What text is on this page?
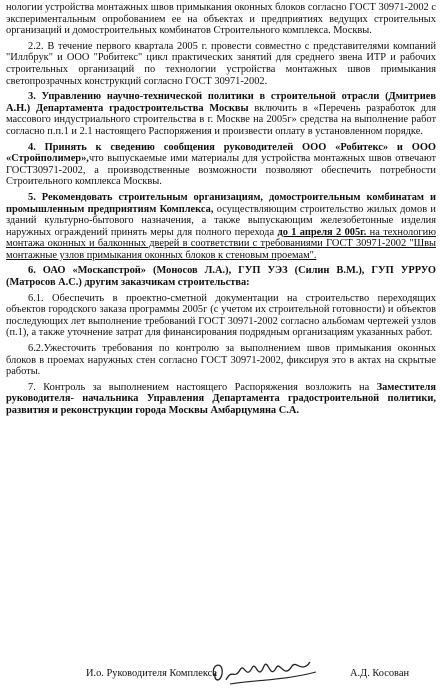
нологии устройства монтажных швов примыкания оконных блоков согласно ГОСТ 30971-2002 с экспериментальным опробованием ее на объектах и предприятиях ведущих строительных организаций и домостроительных комбинатов Строительного комплекса. Москвы.

2.2. В течение первого квартала 2005 г. провести совместно с представителями компаний "Иллбрук" и ООО "Робитекс" цикл практических занятий для среднего звена ИТР и рабочих строительных организаций по технологии устройства монтажных швов примыкания светопрозрачных конструкций согласно ГОСТ 30971-2002.

3. Управлению научно-технической политики в строительной отрасли (Дмитриев А.Н.) Департамента градостроительства Москвы включить в «Перечень разработок для массового индустриального строительства в г. Москве на 2005г» средства на выполнение работ согласно п.п.1 и 2.1 настоящего Распоряжения и произвести оплату в установленном порядке.

4. Принять к сведению сообщения руководителей ООО «Робитекс» и ООО «Стройполимер»,что выпускаемые ими материалы для устройства монтажных швов отвечают ГОСТ30971-2002, а производственные возможности позволяют обеспечить потребности Строительного комплекса Москвы.

5. Рекомендовать строительным организациям, домостроительным комбинатам и промышленным предприятиям Комплекса, осуществляющим строительство жилых домов и зданий культурно-бытового назначения, а также выпускающим железобетонные изделия наружных ограждений принять меры для полного перехода до 1 апреля 2 005г. на технологию монтажа оконных и балконных дверей в соответствии с требованиями ГОСТ 30971-2002 "Швы монтажные узлов примыкания оконных блоков к стеновым проемам".

6. ОАО «Москапстрой» (Моносов Л.А.), ГУП УЭЗ (Силин В.М.), ГУП УРРУО (Матросов А.С.) другим заказчикам строительства:

6.1. Обеспечить в проектно-сметной документации на строительство переходящих объектов городского заказа программы 2005г (с учетом их строительной готовности) и объектов последующих лет выполнение требований ГОСТ 30971-2002 согласно альбомам чертежей узлов (п.1), а также уточнение затрат для финансирования подрядным организациям указанных работ.

6.2.Ужесточить требования по контролю за выполнением швов примыкания оконных блоков в проемах наружных стен согласно ГОСТ 30971-2002, фиксируя это в актах на скрытые работы.

7. Контроль за выполнением настоящего Распоряжения возложить на Заместителя руководителя- начальника Управления Департамента градостроительной политики, развития и реконструкции города Москвы Амбарцумяна С.А.

И.о. Руководителя Комплекса	А.Д. Косован
